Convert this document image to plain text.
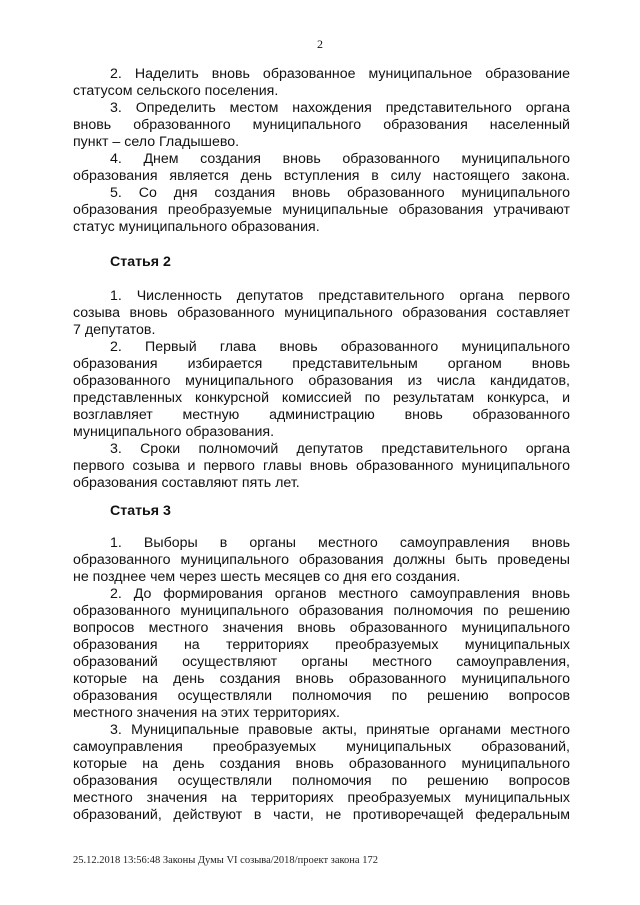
2
2. Наделить вновь образованное муниципальное образование
статусом сельского поселения.
3. Определить местом нахождения представительного органа
вновь образованного муниципального образования населенный
пункт – село Гладышево.
4. Днем создания вновь образованного муниципального
образования является день вступления в силу настоящего закона.
5. Со дня создания вновь образованного муниципального
образования преобразуемые муниципальные образования утрачивают
статус муниципального образования.
Статья 2
1. Численность депутатов представительного органа первого
созыва вновь образованного муниципального образования составляет
7 депутатов.
2. Первый глава вновь образованного муниципального
образования избирается представительным органом вновь
образованного муниципального образования из числа кандидатов,
представленных конкурсной комиссией по результатам конкурса, и
возглавляет местную администрацию вновь образованного
муниципального образования.
3. Сроки полномочий депутатов представительного органа
первого созыва и первого главы вновь образованного муниципального
образования составляют пять лет.
Статья 3
1. Выборы в органы местного самоуправления вновь
образованного муниципального образования должны быть проведены
не позднее чем через шесть месяцев со дня его создания.
2. До формирования органов местного самоуправления вновь
образованного муниципального образования полномочия по решению
вопросов местного значения вновь образованного муниципального
образования на территориях преобразуемых муниципальных
образований осуществляют органы местного самоуправления,
которые на день создания вновь образованного муниципального
образования осуществляли полномочия по решению вопросов
местного значения на этих территориях.
3. Муниципальные правовые акты, принятые органами местного
самоуправления преобразуемых муниципальных образований,
которые на день создания вновь образованного муниципального
образования осуществляли полномочия по решению вопросов
местного значения на территориях преобразуемых муниципальных
образований, действуют в части, не противоречащей федеральным
25.12.2018 13:56:48 Законы Думы VI созыва/2018/проект закона 172
